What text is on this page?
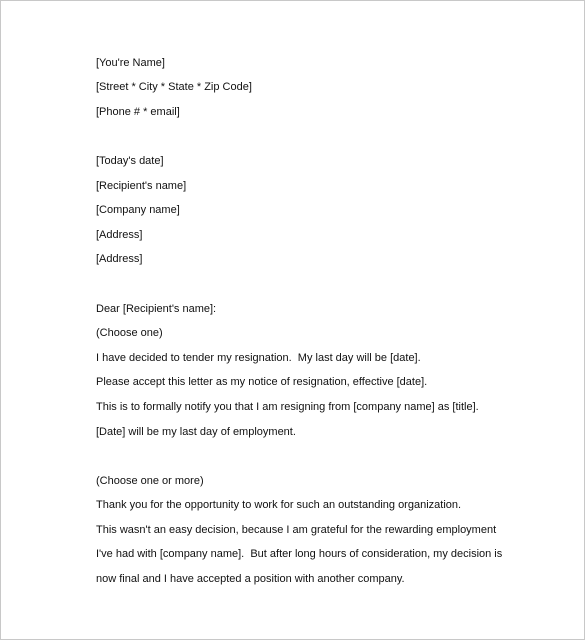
[You're Name]
[Street * City * State * Zip Code]
[Phone # * email]
[Today's date]
[Recipient's name]
[Company name]
[Address]
[Address]
Dear [Recipient's name]:
(Choose one)
I have decided to tender my resignation.  My last day will be [date].
Please accept this letter as my notice of resignation, effective [date].
This is to formally notify you that I am resigning from [company name] as [title].
[Date] will be my last day of employment.
(Choose one or more)
Thank you for the opportunity to work for such an outstanding organization.
This wasn't an easy decision, because I am grateful for the rewarding employment
I've had with [company name].  But after long hours of consideration, my decision is
now final and I have accepted a position with another company.
